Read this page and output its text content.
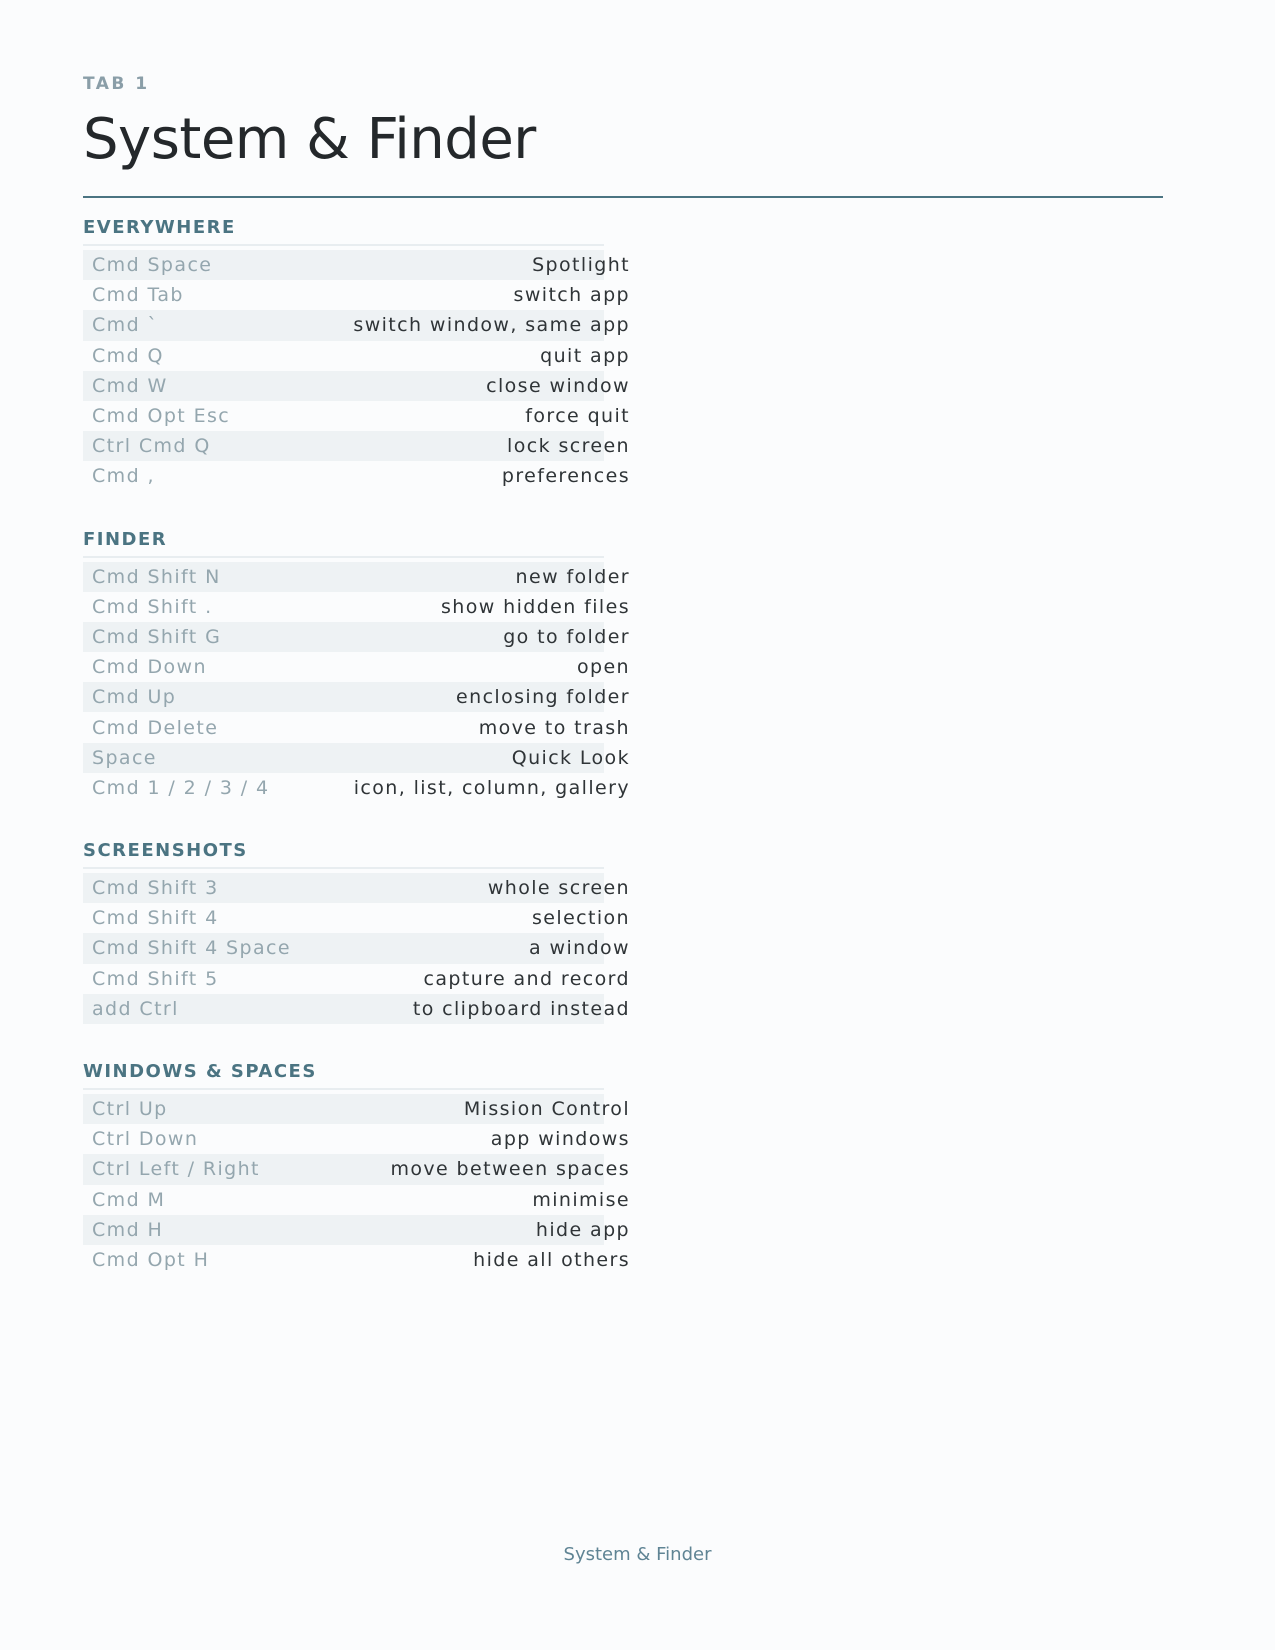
TAB 1

System & Finder
EVERYWHERE
Cmd Space	Spotlight
Cmd Tab	switch app
Cmd `	switch window, same app
Cmd Q	quit app
Cmd W	close window
Cmd Opt Esc	force quit
Ctrl Cmd Q	lock screen
Cmd ,	preferences
FINDER
Cmd Shift N	new folder
Cmd Shift .	show hidden files
Cmd Shift G	go to folder
Cmd Down	open
Cmd Up	enclosing folder
Cmd Delete	move to trash
Space	Quick Look
Cmd 1 / 2 / 3 / 4	icon, list, column, gallery
SCREENSHOTS
Cmd Shift 3	whole screen
Cmd Shift 4	selection
Cmd Shift 4 Space	a window
Cmd Shift 5	capture and record
add Ctrl	to clipboard instead
WINDOWS & SPACES
Ctrl Up	Mission Control
Ctrl Down	app windows
Ctrl Left / Right	move between spaces
Cmd M	minimise
Cmd H	hide app
Cmd Opt H	hide all others
System & Finder
